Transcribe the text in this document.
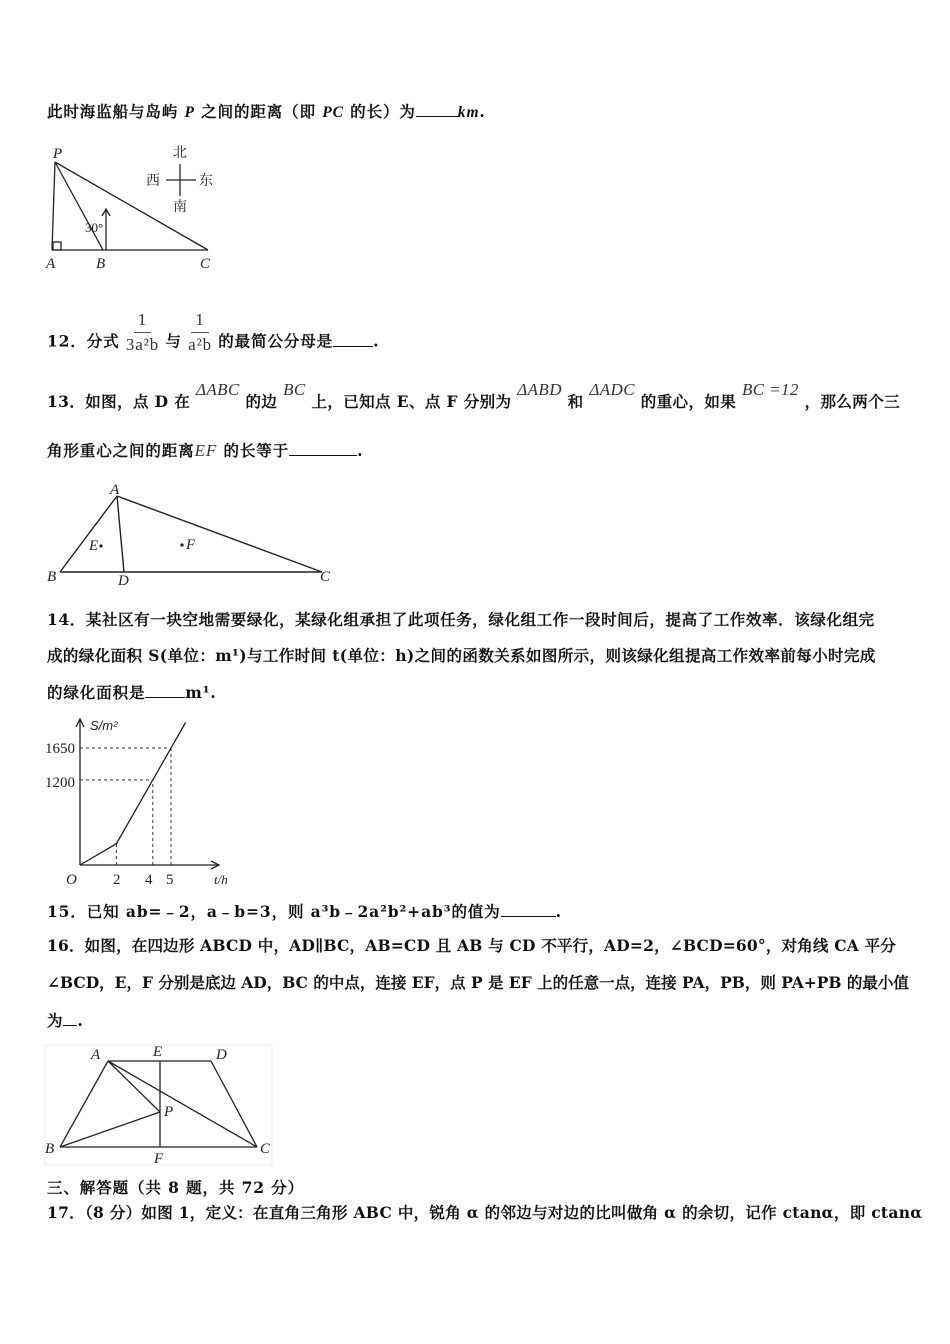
此时海监船与岛屿 P 之间的距离（即 PC 的长）为	km.
P
A	B	C
30°
北
西	东
南
12．分式 $\frac{1}{\text{3a²b}}$ 与 $\frac{1}{\text{a²b}}$ 的最简公分母是	.
13．如图，点 D 在 ΔABC 的边 BC 上，已知点 E、点 F 分别为 ΔABD 和 ΔADC 的重心，如果 BC =12 ，那么两个三
角形重心之间的距离EF 的长等于	.
A
B	D	C
E	F
14．某社区有一块空地需要绿化，某绿化组承担了此项任务，绿化组工作一段时间后，提高了工作效率．该绿化组完
成的绿化面积 S(单位：m¹)与工作时间 t(单位：h)之间的函数关系如图所示，则该绿化组提高工作效率前每小时完成
的绿化面积是	m¹.
S/m²
t/h
O 2 4 5
1200
1650
15．已知 ab=﹣2，a﹣b=3，则 a³b﹣2a²b²+ab³的值为	.
16．如图，在四边形 ABCD 中，AD∥BC，AB=CD 且 AB 与 CD 不平行，AD=2，∠BCD=60°，对角线 CA 平分
∠BCD，E，F 分别是底边 AD，BC 的中点，连接 EF，点 P 是 EF 上的任意一点，连接 PA，PB，则 PA+PB 的最小值
为 .
A	E	D
P
B
F
C
三、解答题（共 8 题，共 72 分）
17．（8 分）如图 1，定义：在直角三角形 ABC 中，锐角 α 的邻边与对边的比叫做角 α 的余切，记作 ctanα，即 ctanα
